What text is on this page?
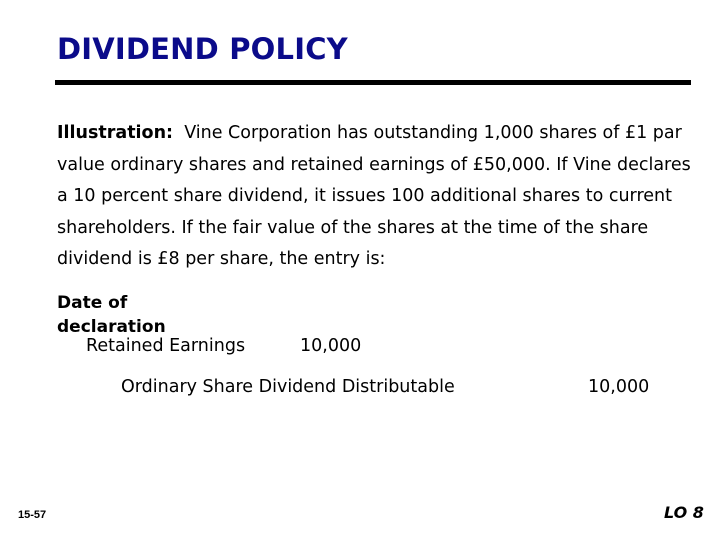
DIVIDEND POLICY
Illustration: Vine Corporation has outstanding 1,000 shares of £1 par value ordinary shares and retained earnings of £50,000. If Vine declares a 10 percent share dividend, it issues 100 additional shares to current shareholders. If the fair value of the shares at the time of the share dividend is £8 per share, the entry is:
Date of
declaration
Retained Earnings	10,000
Ordinary Share Dividend Distributable	10,000
15-57	LO 8
